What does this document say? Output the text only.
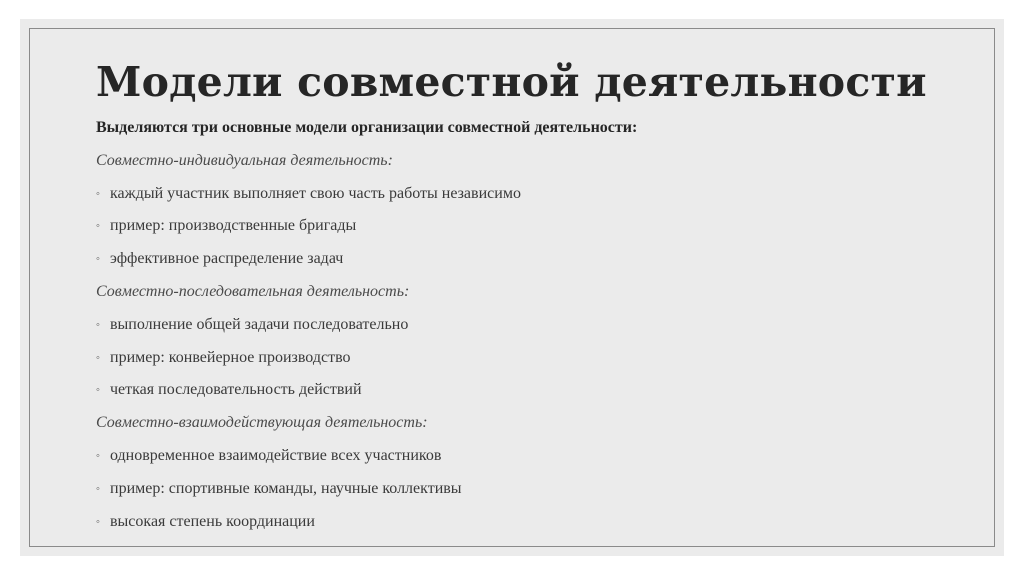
Модели совместной деятельности
Выделяются три основные модели организации совместной деятельности:
Совместно-индивидуальная деятельность:
◦ каждый участник выполняет свою часть работы независимо
◦ пример: производственные бригады
◦ эффективное распределение задач
Совместно-последовательная деятельность:
◦ выполнение общей задачи последовательно
◦ пример: конвейерное производство
◦ четкая последовательность действий
Совместно-взаимодействующая деятельность:
◦ одновременное взаимодействие всех участников
◦ пример: спортивные команды, научные коллективы
◦ высокая степень координации
